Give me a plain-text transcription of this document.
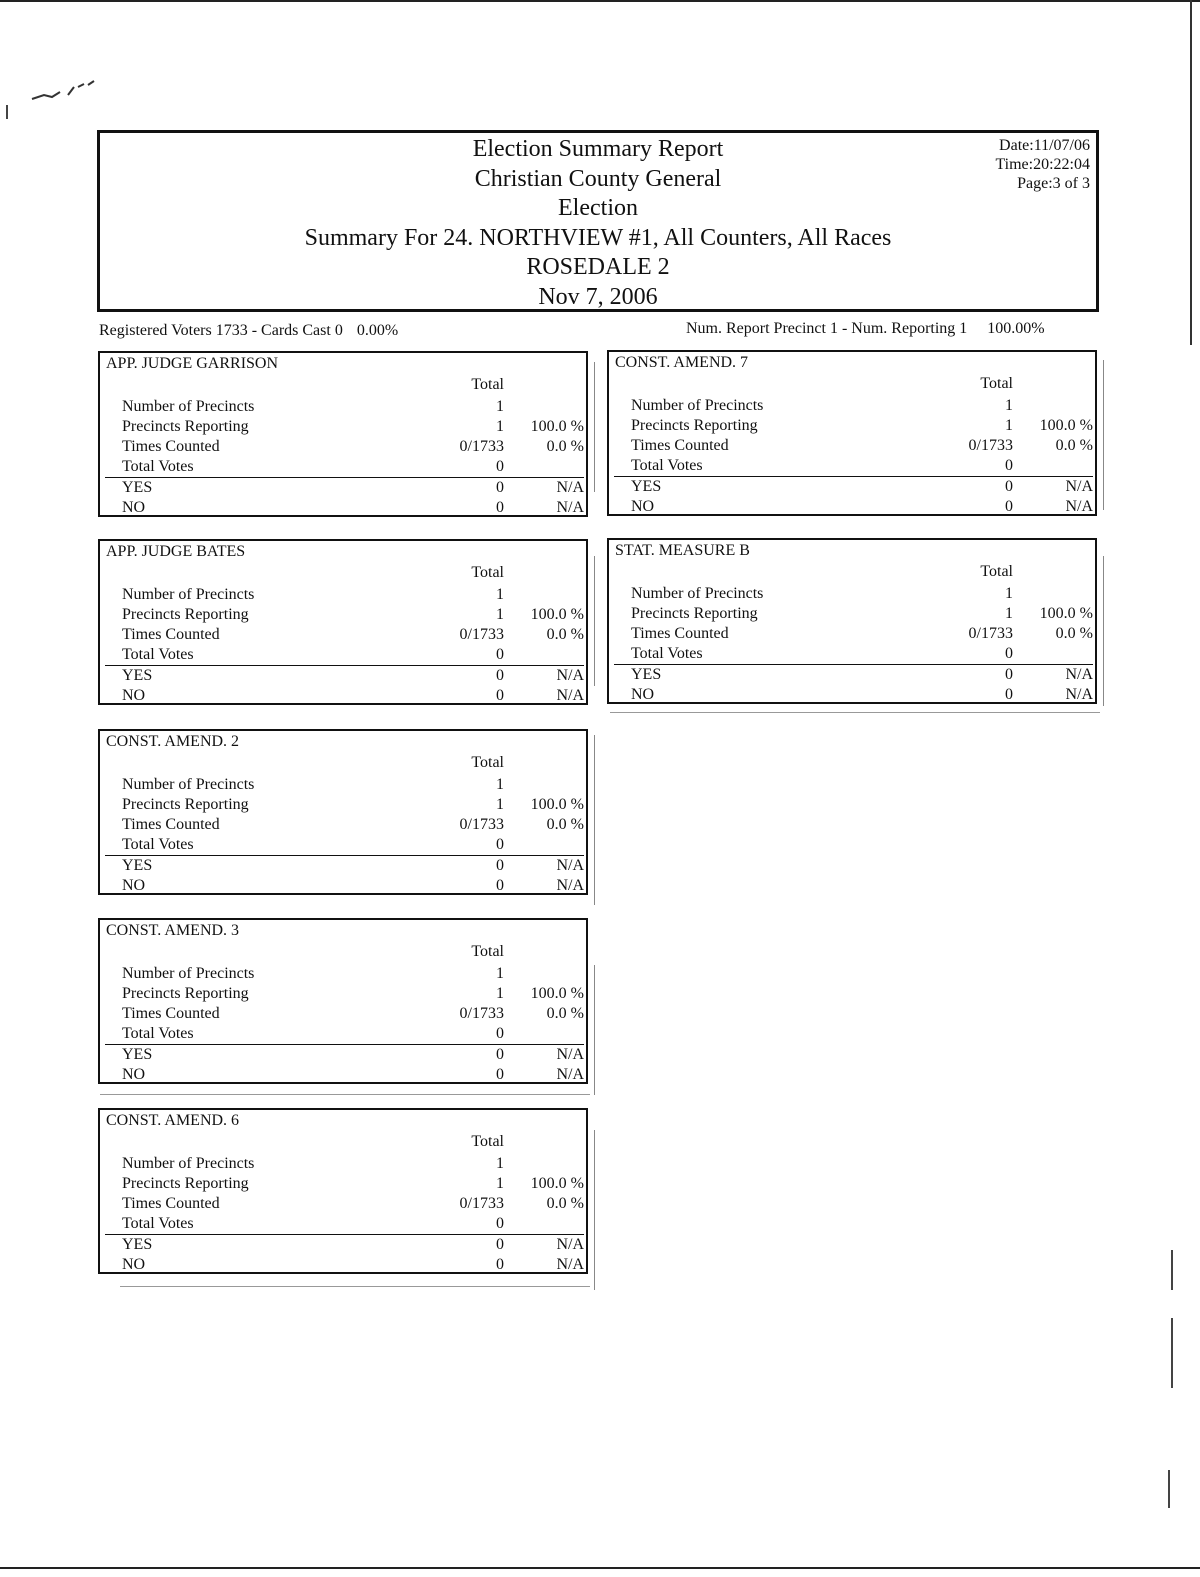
Election Summary Report
Christian County General
Election
Summary For 24. NORTHVIEW #1, All Counters, All Races
ROSEDALE 2
Nov 7, 2006
Date:11/07/06
Time:20:22:04
Page:3 of 3
Registered Voters 1733 - Cards Cast 0 0.00%	Num. Report Precinct 1 - Num. Reporting 1 100.00%
APP. JUDGE GARRISON
Total
Number of Precincts	1
Precincts Reporting	1	100.0 %
Times Counted	0/1733	0.0 %
Total Votes	0
YES	0	N/A
NO	0	N/A
CONST. AMEND. 7
Total
Number of Precincts	1
Precincts Reporting	1	100.0 %
Times Counted	0/1733	0.0 %
Total Votes	0
YES	0	N/A
NO	0	N/A
APP. JUDGE BATES
Total
Number of Precincts	1
Precincts Reporting	1	100.0 %
Times Counted	0/1733	0.0 %
Total Votes	0
YES	0	N/A
NO	0	N/A
STAT. MEASURE B
Total
Number of Precincts	1
Precincts Reporting	1	100.0 %
Times Counted	0/1733	0.0 %
Total Votes	0
YES	0	N/A
NO	0	N/A
CONST. AMEND. 2
Total
Number of Precincts	1
Precincts Reporting	1	100.0 %
Times Counted	0/1733	0.0 %
Total Votes	0
YES	0	N/A
NO	0	N/A
CONST. AMEND. 3
Total
Number of Precincts	1
Precincts Reporting	1	100.0 %
Times Counted	0/1733	0.0 %
Total Votes	0
YES	0	N/A
NO	0	N/A
CONST. AMEND. 6
Total
Number of Precincts	1
Precincts Reporting	1	100.0 %
Times Counted	0/1733	0.0 %
Total Votes	0
YES	0	N/A
NO	0	N/A
